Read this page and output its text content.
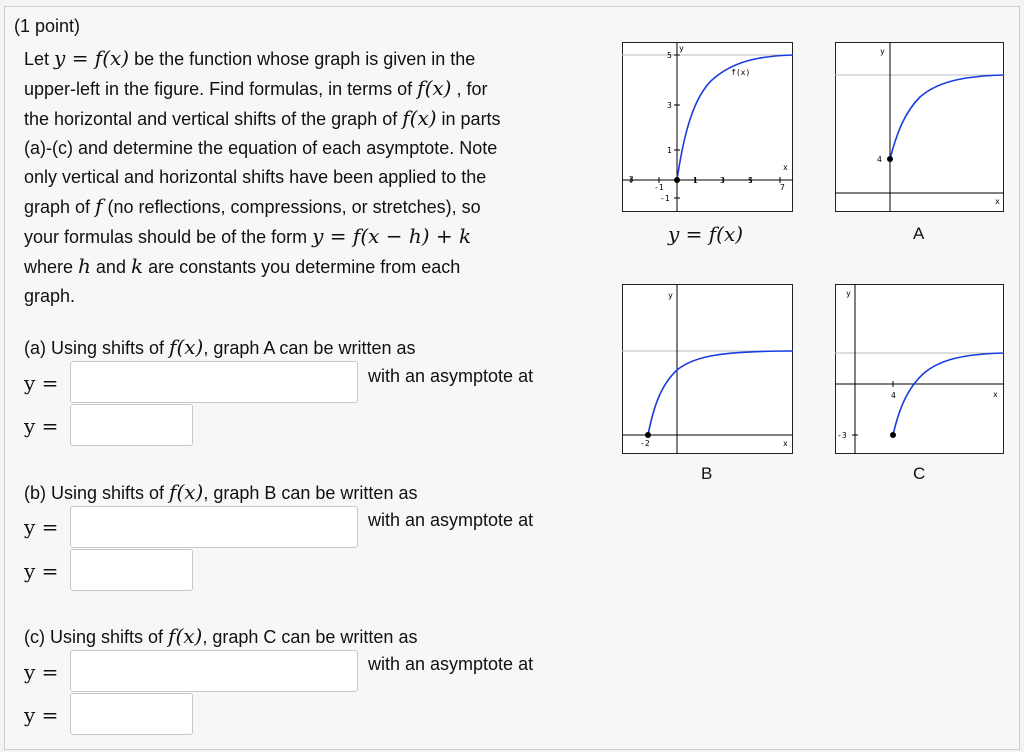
(1 point)
Let y = f(x) be the function whose graph is given in the
upper-left in the figure. Find formulas, in terms of f(x) , for
the horizontal and vertical shifts of the graph of f(x) in parts
(a)-(c) and determine the equation of each asymptote. Note
only vertical and horizontal shifts have been applied to the
graph of f (no reflections, compressions, or stretches), so
your formulas should be of the form y = f(x − h) + k
where h and k are constants you determine from each
graph.
(a) Using shifts of f(x), graph A can be written as
y =	with an asymptote at
y =
(b) Using shifts of f(x), graph B can be written as
y =	with an asymptote at
y =
(c) Using shifts of f(x), graph C can be written as
y =	with an asymptote at
y =
5
3
1
-1
-3
-1
1	3	5
7
y
x
f(x)
y = f(x)
y
x
4
A
y
x
-2
B
y
x
4
-3
C
